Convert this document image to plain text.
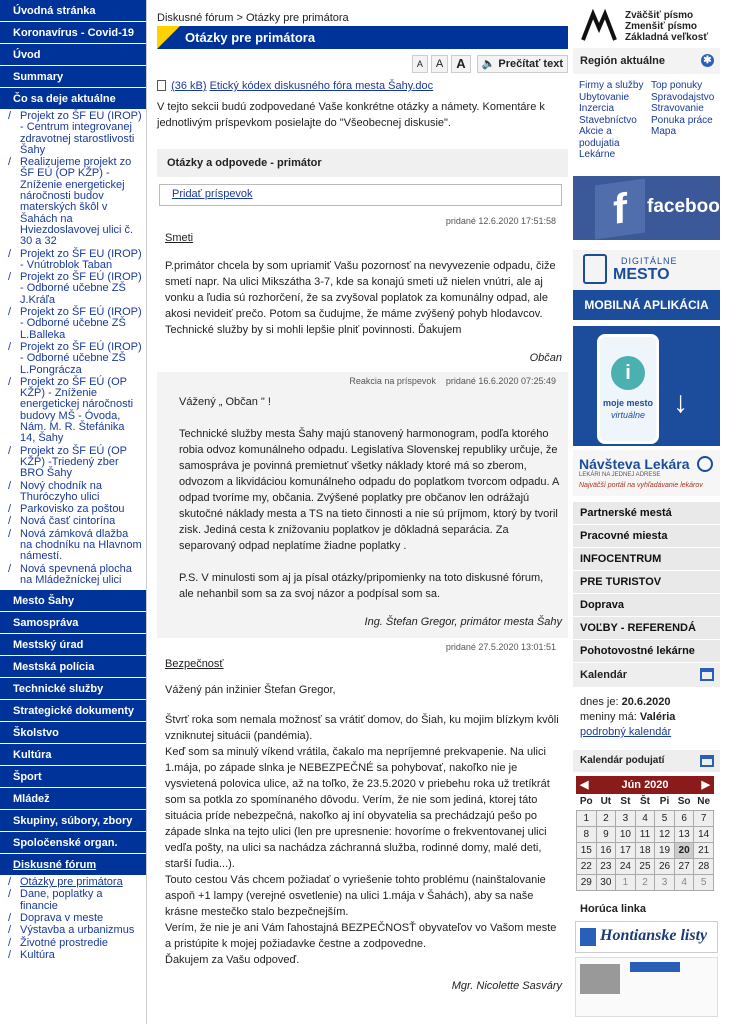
Úvodná stránka
Koronavírus - Covid-19
Úvod
Summary
Čo sa deje aktuálne
/ Projekt zo ŠF EU (IROP) - Centrum integrovanej zdravotnej starostlivosti Šahy
/ Realizujeme projekt zo ŠF EÚ (OP KŽP) - Zníženie energetickej náročnosti budov materských škôl v Šahách na Hviezdoslavovej ulici č. 30 a 32
/ Projekt zo ŠF EU (IROP) - Vnútroblok Taban
/ Projekt zo ŠF EÚ (IROP) - Odborné učebne ZŠ J.Kráľa
/ Projekt zo ŠF EÚ (IROP) - Odborné učebne ZŠ L.Balleka
/ Projekt zo ŠF EÚ (IROP) - Odborné učebne ZŠ L.Pongrácza
/ Projekt zo ŠF EÚ (OP KŽP) - Zníženie energetickej náročnosti budovy MŠ - Óvoda, Nám. M. R. Štefánika 14, Šahy
/ Projekt zo ŠF EÚ (OP KŽP) -Triedený zber BRO Šahy
/ Nový chodník na Thuróczyho ulici
/ Parkovisko za poštou
/ Nová časť cintorína
/ Nová zámková dlažba na chodníku na Hlavnom námestí.
/ Nová spevnená plocha na Mládežníckej ulici
Mesto Šahy
Samospráva
Mestský úrad
Mestská polícia
Technické služby
Strategické dokumenty
Školstvo
Kultúra
Šport
Mládež
Skupiny, súbory, zbory
Spoločenské organ.
Diskusné fórum
/ Otázky pre primátora
/ Dane, poplatky a financie
/ Doprava v meste
/ Výstavba a urbanizmus
/ Životné prostredie
/ Kultúra
Diskusné fórum > Otázky pre primátora
Otázky pre primátora
A A A 🔈 Prečítať text
(36 kB) Etický kódex diskusného fóra mesta Šahy.doc
V tejto sekcii budú zodpovedané Vaše konkrétne otázky a námety. Komentáre k jednotlivým príspevkom posielajte do "Všeobecnej diskusie".
Otázky a odpovede - primátor
Pridať príspevok
pridané 12.6.2020 17:51:58
Smeti
P.primátor chcela by som upriamiť Vašu pozornosť na nevyvezenie odpadu, čiže smetí napr. Na ulici Mikszátha 3-7, kde sa konajú smeti už nielen vnútri, ale aj vonku a ľudia sú rozhorčení, že sa zvyšoval poplatok za komunálny odpad, ale akosi nevideiť prečo. Potom sa čudujme, že máme zvýšený pohyb hlodavcov. Technické služby by si mohli lepšie plniť povinnosti. Ďakujem
Občan
Reakcia na príspevok pridané 16.6.2020 07:25:49
Vážený „ Občan " !
Technické služby mesta Šahy majú stanovený harmonogram, podľa ktorého robia odvoz komunálneho odpadu. Legislatíva Slovenskej republiky určuje, že samospráva je povinná premietnuť všetky náklady ktoré má so zberom, odvozom a likvidáciou komunálneho odpadu do poplatkom tvorcom odpadu. A odpad tvoríme my, občania. Zvýšené poplatky pre občanov len odrážajú skutočné náklady mesta a TS na tieto činnosti a nie sú príjmom, ktorý by tvoril zisk. Jediná cesta k znižovaniu poplatkov je dôkladná separácia. Za separovaný odpad neplatíme žiadne poplatky .
P.S. V minulosti som aj ja písal otázky/pripomienky na toto diskusné fórum, ale nehanbil som sa za svoj názor a podpísal som sa.
Ing. Štefan Gregor, primátor mesta Šahy
pridané 27.5.2020 13:01:51
Bezpečnosť
Vážený pán inžinier Štefan Gregor,
Štvrť roka som nemala možnosť sa vrátiť domov, do Šiah, ku mojim blízkym kvôli vzniknutej situácii (pandémia).
Keď som sa minulý víkend vrátila, čakalo ma nepríjemné prekvapenie. Na ulici 1.mája, po západe slnka je NEBEZPEČNÉ sa pohybovať, nakoľko nie je vysvietená polovica ulice, až na toľko, že 23.5.2020 v priebehu roka už tretíkrát som sa potkla zo spomínaného dôvodu. Verím, že nie som jediná, ktorej táto situácia príde nebezpečná, nakoľko aj iní obyvatelia sa prechádzajú pešo po západe slnka na tejto ulici (len pre upresnenie: hovoríme o frekventovanej ulici vedľa pošty, na ulici sa nachádza záchranná služba, rodinné domy, malé deti, starší ľudia...).
Touto cestou Vás chcem požiadať o vyriešenie tohto problému (nainštalovanie aspoň +1 lampy (verejné osvetlenie) na ulici 1.mája v Šahách), aby sa naše krásne mestečko stalo bezpečnejším.
Verím, že nie je ani Vám ľahostajná BEZPEČNOSŤ obyvateľov vo Vašom meste a pristúpite k mojej požiadavke čestne a zodpovedne.
Ďakujem za Vašu odpoveď.
Mgr. Nicolette Sasváry
Zväčšiť písmo
Zmenšiť písmo
Základná veľkosť
Región aktuálne	✱
Firmy a služby
Ubytovanie
Inzercia
Stavebníctvo
Akcie a podujatia
Lekárne
Top ponuky
Spravodajstvo
Stravovanie
Ponuka práce
Mapa
f	facebook.
DIGITÁLNE
MESTO
MOBILNÁ APLIKÁCIA
i
moje mesto
virtuálne ↓
Návšteva Lekára
LEKÁRI NA JEDNEJ ADRESE
Najväčší portál na vyhľadávanie lekárov
Partnerské mestá
Pracovné miesta
INFOCENTRUM
PRE TURISTOV
Doprava
VOĽBY - REFERENDÁ
Pohotovostné lekárne
Kalendár
dnes je: 20.6.2020
meniny má: Valéria
podrobný kalendár
Kalendár podujatí
◀	Jún 2020	▶
Po	Ut	St	Št	Pi	So	Ne
1	2	3	4	5	6	7
8	9	10	11	12	13	14
15	16	17	18	19	20	21
22	23	24	25	26	27	28
29	30	1	2	3	4	5
Horúca linka
Hontianske listy
